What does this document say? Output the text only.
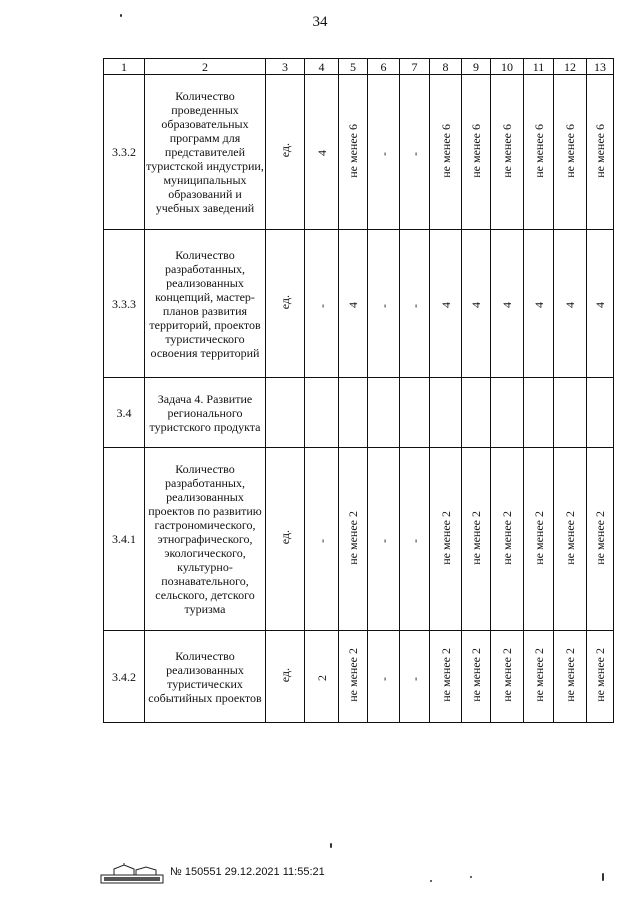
34
1	2	3	4	5	6	7	8	9	10	11	12	13
3.3.2	Количество проведенных образовательных программ для представителей туристской индустрии, муниципальных образований и учебных заведений	ед.	4	не менее 6	-	-	не менее 6	не менее 6	не менее 6	не менее 6	не менее 6	не менее 6
3.3.3	Количество разработанных, реализованных концепций, мастер-планов развития территорий, проектов туристического освоения территорий	ед.	-	4	-	-	4	4	4	4	4	4
3.4	Задача 4. Развитие регионального туристского продукта											
3.4.1	Количество разработанных, реализованных проектов по развитию гастрономического, этнографического, экологического, культурно-познавательного, сельского, детского туризма	ед.	-	не менее 2	-	-	не менее 2	не менее 2	не менее 2	не менее 2	не менее 2	не менее 2
3.4.2	Количество реализованных туристических событийных проектов	ед.	2	не менее 2	-	-	не менее 2	не менее 2	не менее 2	не менее 2	не менее 2	не менее 2
№ 150551 29.12.2021 11:55:21
